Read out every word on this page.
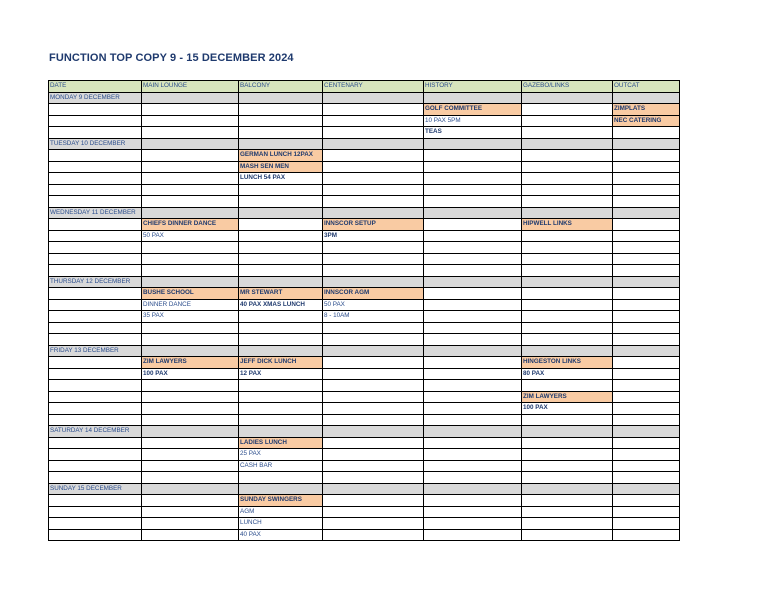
FUNCTION TOP COPY 9 - 15 DECEMBER 2024
DATE	MAIN LOUNGE	BALCONY	CENTENARY	HISTORY	GAZEBO/LINKS	OUTCAT
MONDAY 9 DECEMBER						
				GOLF COMMITTEE		ZIMPLATS
				10 PAX 5PM		NEC CATERING
				TEAS		
TUESDAY 10 DECEMBER						
		GERMAN LUNCH 12PAX				
		MASH SEN MEN				
		LUNCH 54 PAX				

WEDNESDAY 11 DECEMBER						
	CHIEFS DINNER DANCE		INNSCOR SETUP		HIPWELL LINKS	
	50 PAX		3PM			

THURSDAY 12 DECEMBER						
	BUSHE SCHOOL	MR STEWART	INNSCOR AGM			
	DINNER DANCE	40 PAX XMAS LUNCH	50 PAX			
	35 PAX		8 - 10AM			

FRIDAY 13 DECEMBER						
	ZIM LAWYERS	JEFF DICK LUNCH			HINGESTON LINKS	
	100 PAX	12 PAX			80 PAX	

					ZIM LAWYERS	
					100 PAX	

SATURDAY 14 DECEMBER						
		LADIES LUNCH				
		25 PAX				
		CASH BAR				

SUNDAY 15 DECEMBER						
		SUNDAY SWINGERS				
		AGM				
		LUNCH				
		40 PAX				
